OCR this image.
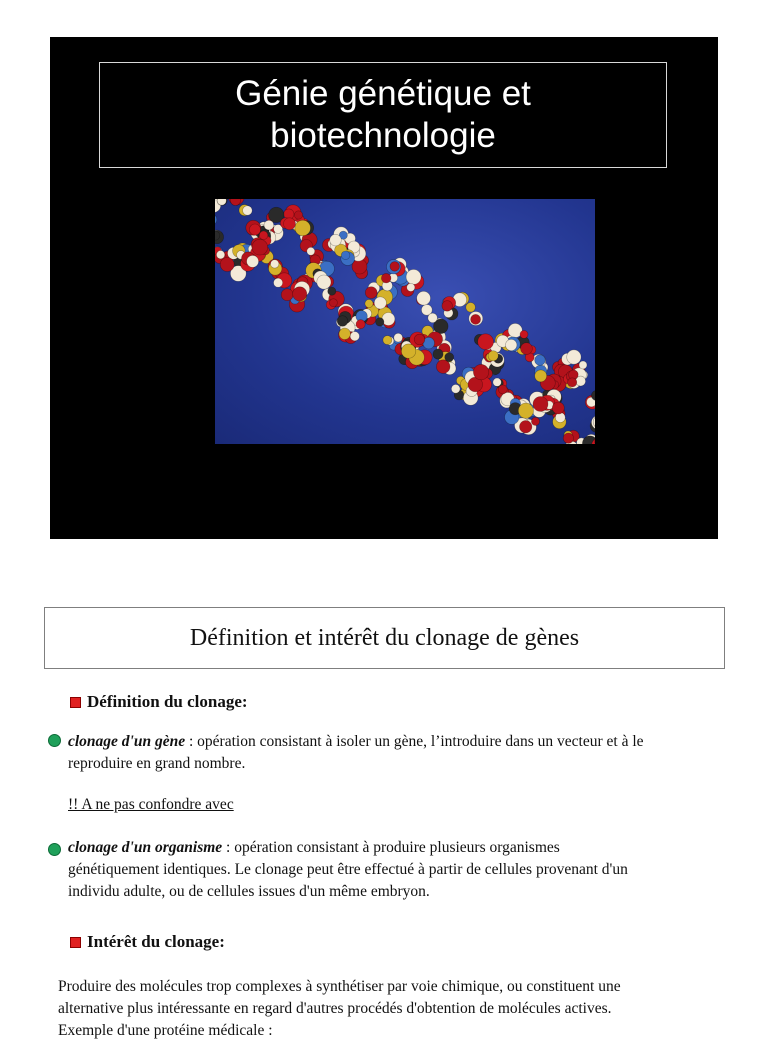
Génie génétique et
biotechnologie
Définition et intérêt du clonage de gènes
Définition du clonage:
clonage d'un gène : opération consistant à isoler un gène, l’introduire dans un vecteur et à le
reproduire en grand nombre.
!! A ne pas confondre avec
clonage d'un organisme : opération consistant à produire plusieurs organismes
génétiquement identiques. Le clonage peut être effectué à partir de cellules provenant d'un
individu adulte, ou de cellules issues d'un même embryon.
Intérêt du clonage:
Produire des molécules trop complexes à synthétiser par voie chimique, ou constituent une
alternative plus intéressante en regard d'autres procédés d'obtention de molécules actives.
Exemple d'une protéine médicale :
